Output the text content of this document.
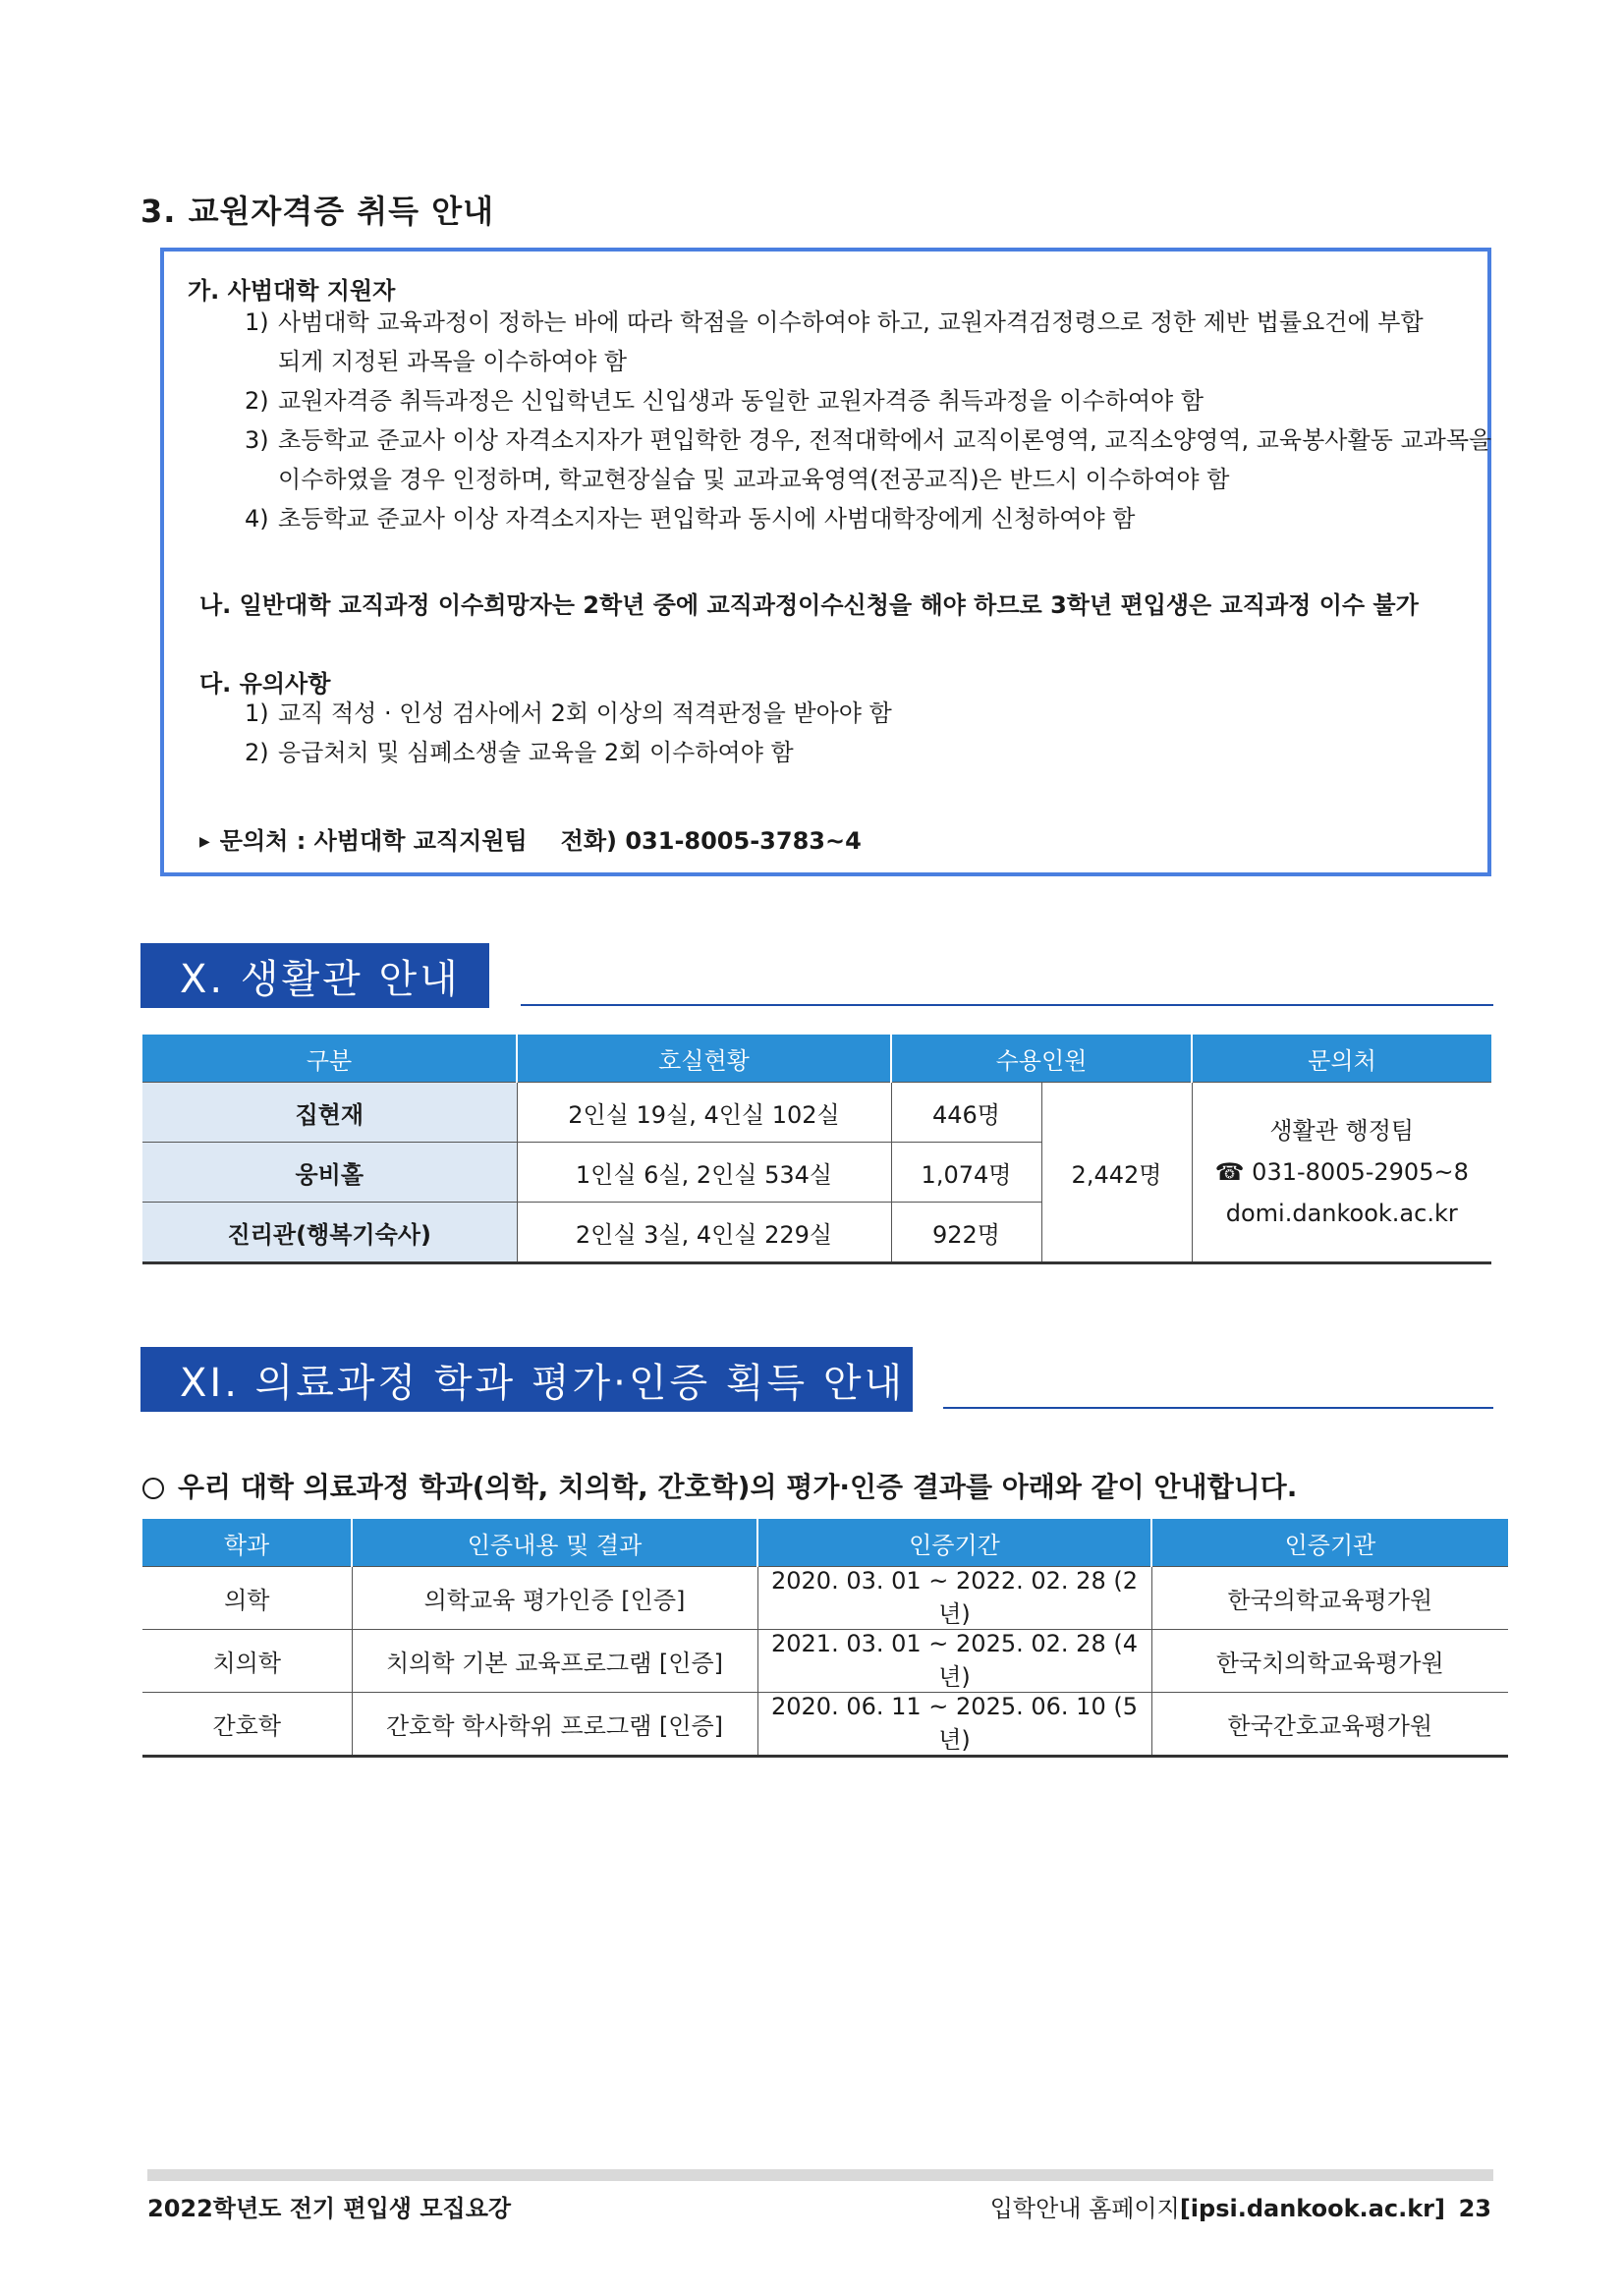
3. 교원자격증 취득 안내
가. 사범대학 지원자
1) 사범대학 교육과정이 정하는 바에 따라 학점을 이수하여야 하고, 교원자격검정령으로 정한 제반 법률요건에 부합
되게 지정된 과목을 이수하여야 함
2) 교원자격증 취득과정은 신입학년도 신입생과 동일한 교원자격증 취득과정을 이수하여야 함
3) 초등학교 준교사 이상 자격소지자가 편입학한 경우, 전적대학에서 교직이론영역, 교직소양영역, 교육봉사활동 교과목을
이수하였을 경우 인정하며, 학교현장실습 및 교과교육영역(전공교직)은 반드시 이수하여야 함
4) 초등학교 준교사 이상 자격소지자는 편입학과 동시에 사범대학장에게 신청하여야 함
나. 일반대학 교직과정 이수희망자는 2학년 중에 교직과정이수신청을 해야 하므로 3학년 편입생은 교직과정 이수 불가
다. 유의사항
1) 교직 적성 · 인성 검사에서 2회 이상의 적격판정을 받아야 함
2) 응급처치 및 심폐소생술 교육을 2회 이수하여야 함
▶ 문의처 : 사범대학 교직지원팀 전화) 031-8005-3783~4
X. 생활관 안내
구분	호실현황	수용인원		문의처
집현재	2인실 19실, 4인실 102실	446명	2,442명	생활관 행정팀
☎ 031-8005-2905~8
domi.dankook.ac.kr

웅비홀	1인실 6실, 2인실 534실	1,074명		
진리관(행복기숙사)	2인실 3실, 4인실 229실	922명		
XI. 의료과정 학과 평가·인증 획득 안내
우리 대학 의료과정 학과(의학, 치의학, 간호학)의 평가·인증 결과를 아래와 같이 안내합니다.
학과	인증내용 및 결과	인증기간	인증기관
의학	의학교육 평가인증 [인증]	2020. 03. 01 ~ 2022. 02. 28 (2년)	한국의학교육평가원
치의학	치의학 기본 교육프로그램 [인증]	2021. 03. 01 ~ 2025. 02. 28 (4년)	한국치의학교육평가원
간호학	간호학 학사학위 프로그램 [인증]	2020. 06. 11 ~ 2025. 06. 10 (5년)	한국간호교육평가원
2022학년도 전기 편입생 모집요강	입학안내 홈페이지[ipsi.dankook.ac.kr] 23
